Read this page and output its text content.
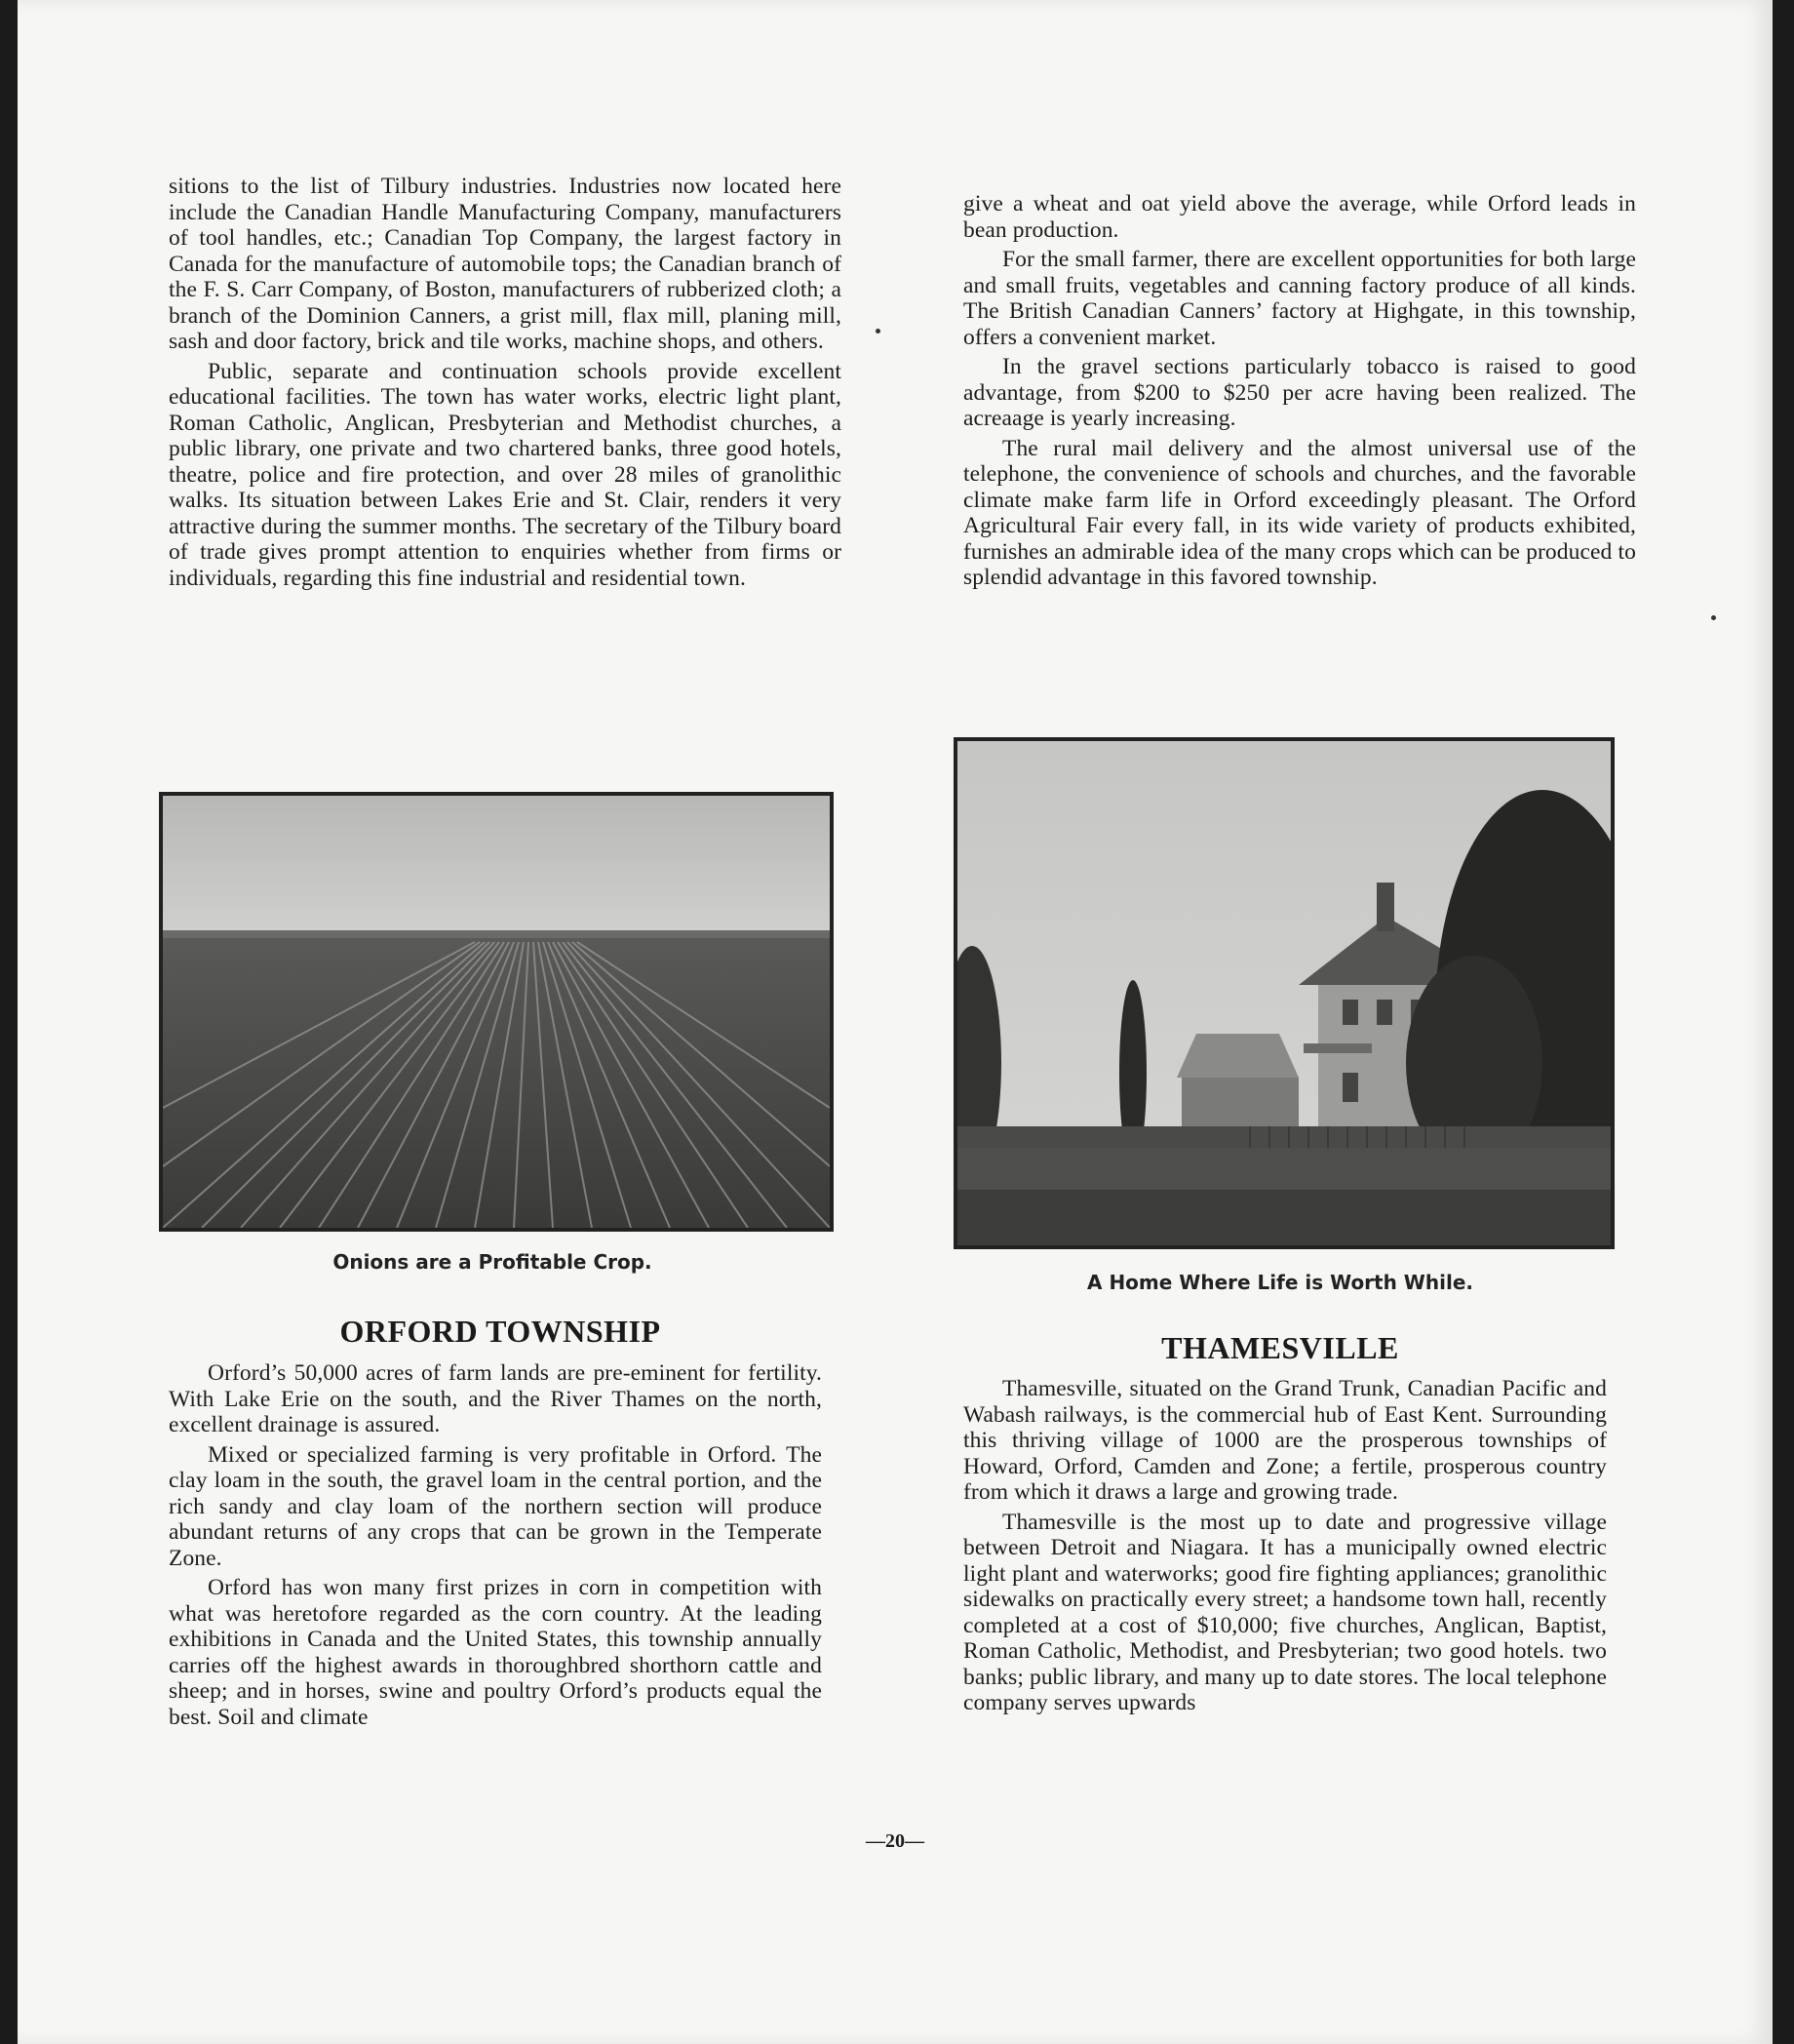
sitions to the list of Tilbury industries. Industries now located here include the Canadian Handle Manufacturing Company, manufacturers of tool handles, etc.; Canadian Top Company, the largest factory in Canada for the manufacture of automobile tops; the Canadian branch of the F. S. Carr Company, of Boston, manufacturers of rubberized cloth; a branch of the Dominion Canners, a grist mill, flax mill, planing mill, sash and door factory, brick and tile works, machine shops, and others.

Public, separate and continuation schools provide excellent educational facilities. The town has water works, electric light plant, Roman Catholic, Anglican, Presbyterian and Methodist churches, a public library, one private and two chartered banks, three good hotels, theatre, police and fire protection, and over 28 miles of granolithic walks. Its situation between Lakes Erie and St. Clair, renders it very attractive during the summer months. The secretary of the Tilbury board of trade gives prompt attention to enquiries whether from firms or individuals, regarding this fine industrial and residential town.

Onions are a Profitable Crop.
ORFORD TOWNSHIP

Orford’s 50,000 acres of farm lands are pre-eminent for fertility. With Lake Erie on the south, and the River Thames on the north, excellent drainage is assured.

Mixed or specialized farming is very profitable in Orford. The clay loam in the south, the gravel loam in the central portion, and the rich sandy and clay loam of the northern section will produce abundant returns of any crops that can be grown in the Temperate Zone.

Orford has won many first prizes in corn in competition with what was heretofore regarded as the corn country. At the leading exhibitions in Canada and the United States, this township annually carries off the highest awards in thoroughbred shorthorn cattle and sheep; and in horses, swine and poultry Orford’s products equal the best. Soil and climate

give a wheat and oat yield above the average, while Orford leads in bean production.

For the small farmer, there are excellent opportunities for both large and small fruits, vegetables and canning factory produce of all kinds. The British Canadian Canners’ factory at Highgate, in this township, offers a convenient market.

In the gravel sections particularly tobacco is raised to good advantage, from $200 to $250 per acre having been realized. The acreaage is yearly increasing.

The rural mail delivery and the almost universal use of the telephone, the convenience of schools and churches, and the favorable climate make farm life in Orford exceedingly pleasant. The Orford Agricultural Fair every fall, in its wide variety of products exhibited, furnishes an admirable idea of the many crops which can be produced to splendid advantage in this favored township.

A Home Where Life is Worth While.
THAMESVILLE

Thamesville, situated on the Grand Trunk, Canadian Pacific and Wabash railways, is the commercial hub of East Kent. Surrounding this thriving village of 1000 are the prosperous townships of Howard, Orford, Camden and Zone; a fertile, prosperous country from which it draws a large and growing trade.

Thamesville is the most up to date and progressive village between Detroit and Niagara. It has a municipally owned electric light plant and waterworks; good fire fighting appliances; granolithic sidewalks on practically every street; a handsome town hall, recently completed at a cost of $10,000; five churches, Anglican, Baptist, Roman Catholic, Methodist, and Presbyterian; two good hotels. two banks; public library, and many up to date stores. The local telephone company serves upwards

—20—
